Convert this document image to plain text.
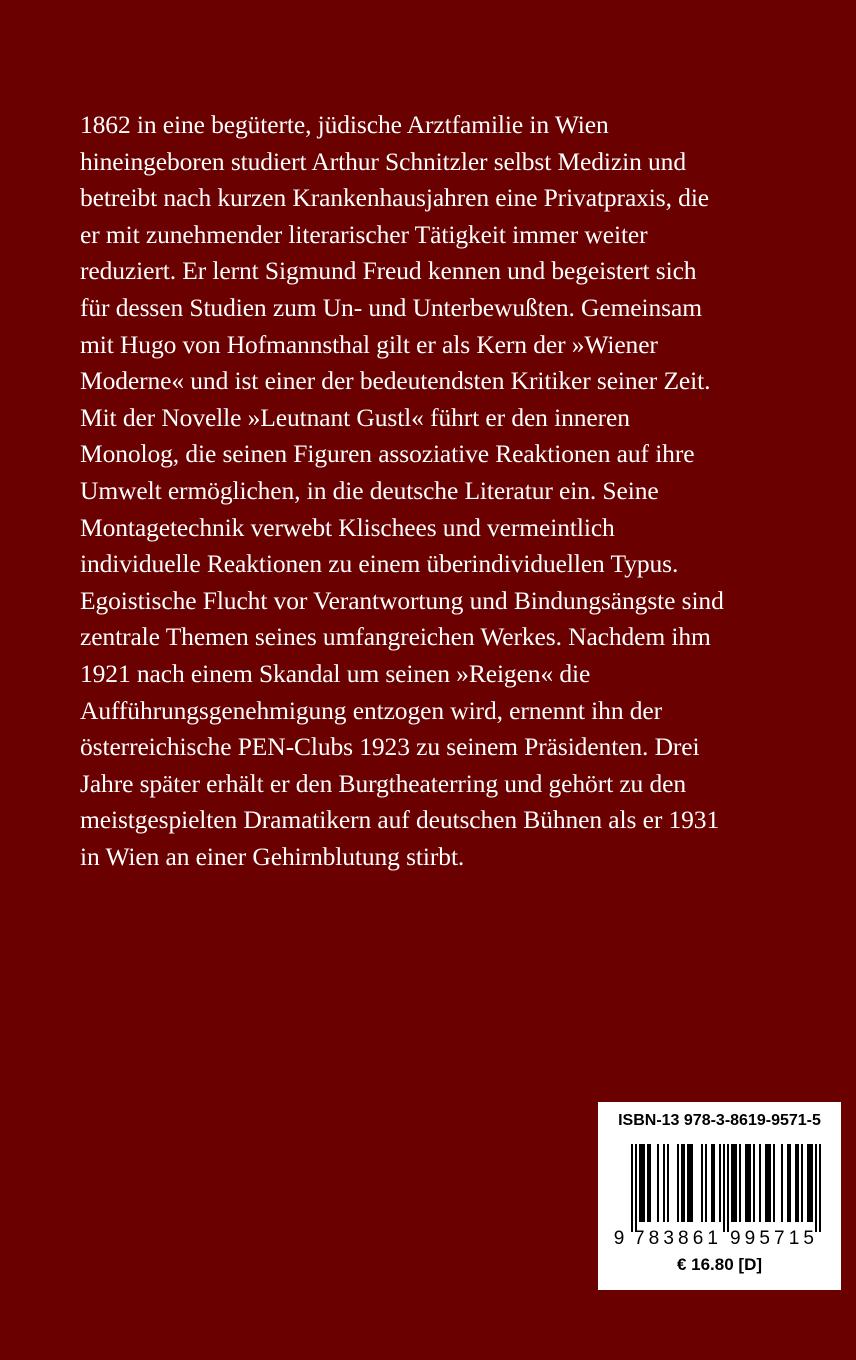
1862 in eine begüterte, jüdische Arztfamilie in Wien
hineingeboren studiert Arthur Schnitzler selbst Medizin und
betreibt nach kurzen Krankenhausjahren eine Privatpraxis, die
er mit zunehmender literarischer Tätigkeit immer weiter
reduziert. Er lernt Sigmund Freud kennen und begeistert sich
für dessen Studien zum Un- und Unterbewußten. Gemeinsam
mit Hugo von Hofmannsthal gilt er als Kern der »Wiener
Moderne« und ist einer der bedeutendsten Kritiker seiner Zeit.
Mit der Novelle »Leutnant Gustl« führt er den inneren
Monolog, die seinen Figuren assoziative Reaktionen auf ihre
Umwelt ermöglichen, in die deutsche Literatur ein. Seine
Montagetechnik verwebt Klischees und vermeintlich
individuelle Reaktionen zu einem überindividuellen Typus.
Egoistische Flucht vor Verantwortung und Bindungsängste sind
zentrale Themen seines umfangreichen Werkes. Nachdem ihm
1921 nach einem Skandal um seinen »Reigen« die
Aufführungsgenehmigung entzogen wird, ernennt ihn der
österreichische PEN-Clubs 1923 zu seinem Präsidenten. Drei
Jahre später erhält er den Burgtheaterring und gehört zu den
meistgespielten Dramatikern auf deutschen Bühnen als er 1931
in Wien an einer Gehirnblutung stirbt.
ISBN-13 978-3-8619-9571-5
9 783861 995715
€ 16.80 [D]
